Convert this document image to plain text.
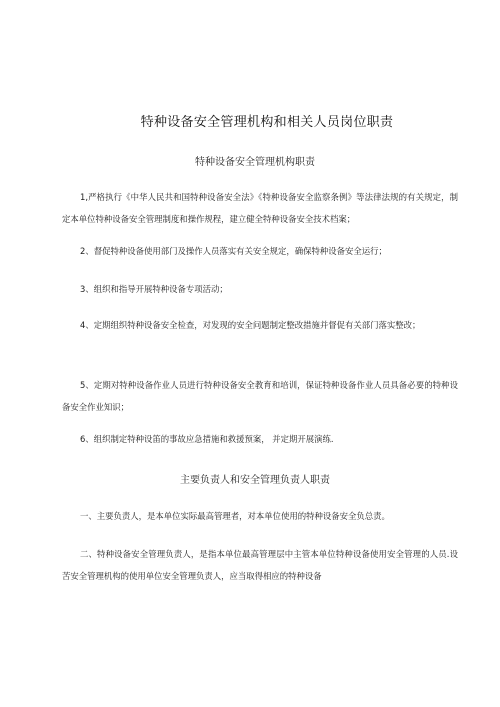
特种设备安全管理机构和相关人员岗位职责
特种设备安全管理机构职责

1,严格执行《中华人民共和国特种设备安全法》《特种设备安全监察条例》等法律法规的有关规定，制定本单位特种设备安全管理制度和操作规程，建立健全特种设备安全技术档案；

2、督促特种设备使用部门及操作人员落实有关安全规定，确保特种设备安全运行；

3、组织和指导开展特种设备专项活动；

4、定期组织特种设备安全检查，对发现的安全问题制定整改措施并督促有关部门落实整改；

5、定期对特种设备作业人员进行特种设备安全教育和培训，保证特种设备作业人员具备必要的特种设备安全作业知识；

6、组织制定特种设笛的事故应急措施和救援预案， 并定期开展演练.

主要负责人和安全管理负责人职责

一、主要负责人，是本单位实际最高管理者，对本单位使用的特种设备安全负总责。

二、特种设备安全管理负责人，是指本单位最高管理层中主管本单位特种设备使用安全管理的人员.设苦安全管理机构的使用单位安全管理负责人，应当取得相应的特种设备
